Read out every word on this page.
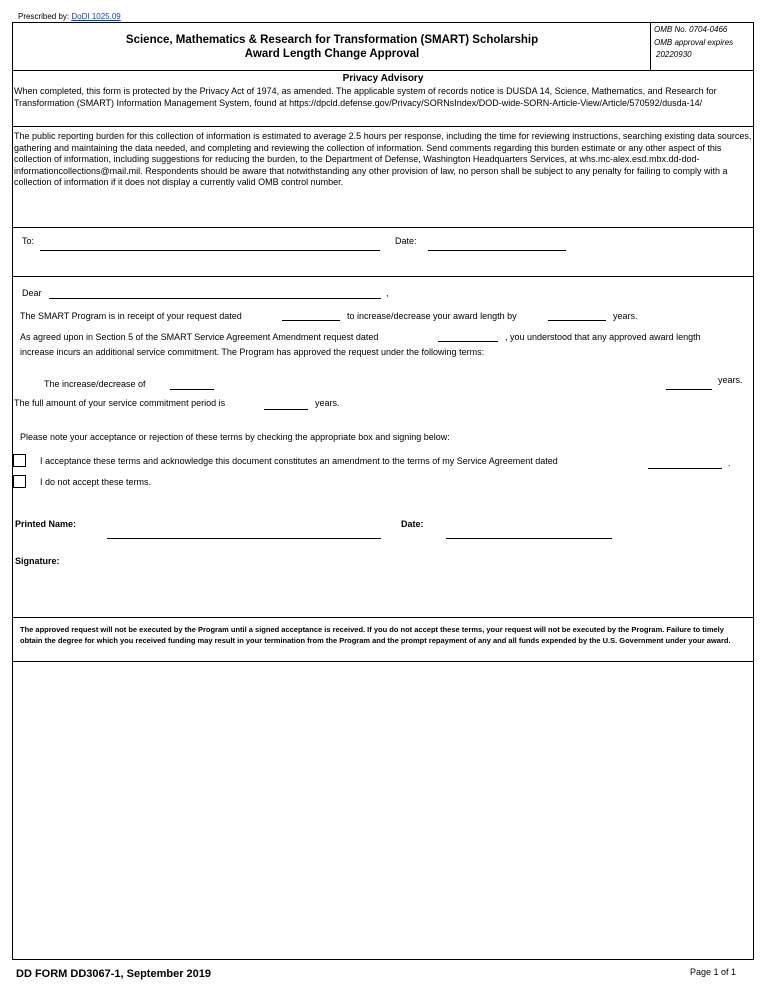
Prescribed by: DoDI 1025.09
Science, Mathematics & Research for Transformation (SMART) Scholarship
Award Length Change Approval
OMB No. 0704-0466
OMB approval expires
20220930
Privacy Advisory
When completed, this form is protected by the Privacy Act of 1974, as amended. The applicable system of records notice is DUSDA 14, Science, Mathematics, and Research for Transformation (SMART) Information Management System, found at https://dpcld.defense.gov/Privacy/SORNsIndex/DOD-wide-SORN-Article-View/Article/570592/dusda-14/
The public reporting burden for this collection of information is estimated to average 2.5 hours per response, including the time for reviewing instructions, searching existing data sources, gathering and maintaining the data needed, and completing and reviewing the collection of information. Send comments regarding this burden estimate or any other aspect of this collection of information, including suggestions for reducing the burden, to the Department of Defense, Washington Headquarters Services, at whs.mc-alex.esd.mbx.dd-dod-informationcollections@mail.mil. Respondents should be aware that notwithstanding any other provision of law, no person shall be subject to any penalty for failing to comply with a collection of information if it does not display a currently valid OMB control number.
To:	Date:
Dear	,
The SMART Program is in receipt of your request dated	to increase/decrease your award length by	years.
As agreed upon in Section 5 of the SMART Service Agreement Amendment request dated	, you understood that any approved award length
increase incurs an additional service commitment. The Program has approved the request under the following terms:
The increase/decrease of	years.
The full amount of your service commitment period is	years.
Please note your acceptance or rejection of these terms by checking the appropriate box and signing below:
I acceptance these terms and acknowledge this document constitutes an amendment to the terms of my Service Agreement dated	.
I do not accept these terms.
Printed Name:	Date:
Signature:
The approved request will not be executed by the Program until a signed acceptance is received. If you do not accept these terms, your request will not be executed by the Program. Failure to timely obtain the degree for which you received funding may result in your termination from the Program and the prompt repayment of any and all funds expended by the U.S. Government under your award.
DD FORM DD3067-1, September 2019	Page 1 of 1
